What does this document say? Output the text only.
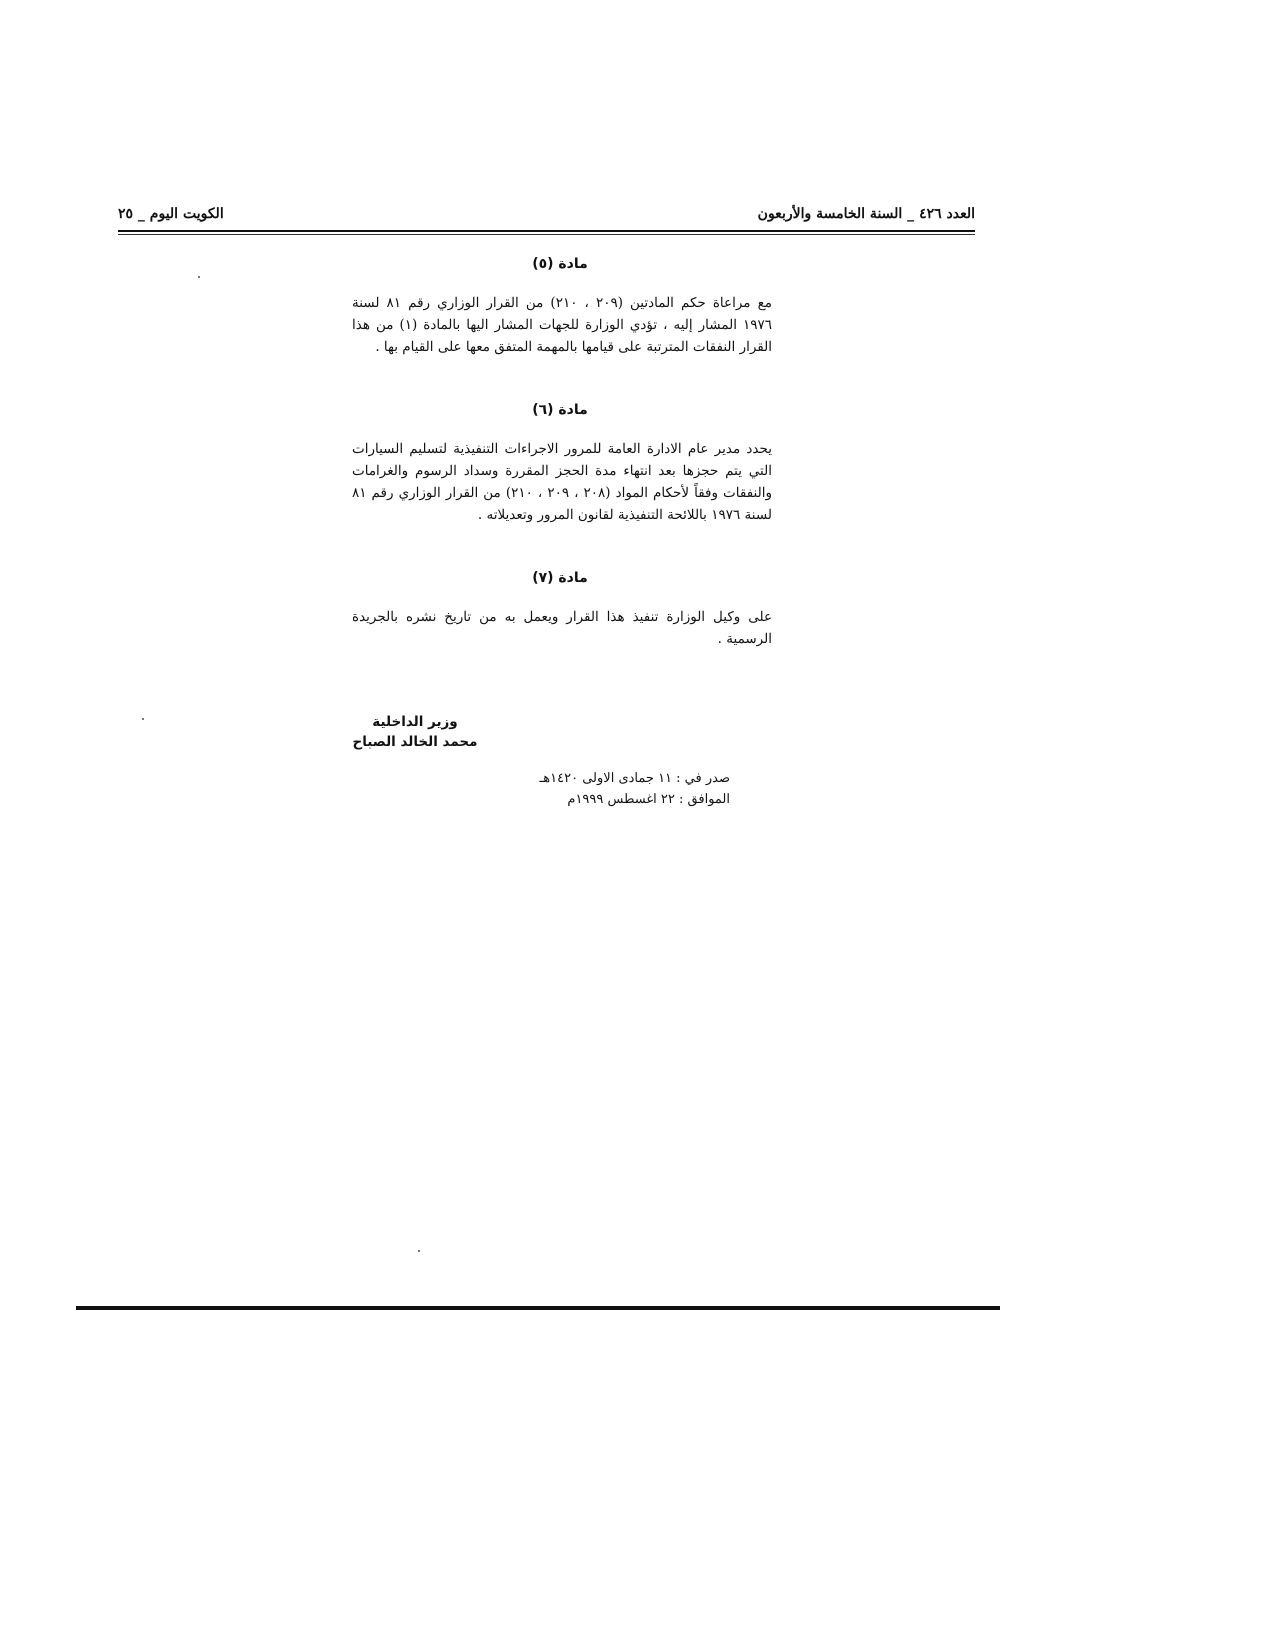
العدد ٤٢٦ _ السنة الخامسة والأربعون
الكويت اليوم _ ٢٥
مادة (٥)
مع مراعاة حكم المادتين (٢٠٩ ، ٢١٠) من القرار الوزاري رقم ٨١ لسنة ١٩٧٦ المشار إليه ، تؤدي الوزارة للجهات المشار اليها بالمادة (١) من هذا القرار النفقات المترتبة على قيامها بالمهمة المتفق معها على القيام بها .
مادة (٦)
يحدد مدير عام الادارة العامة للمرور الاجراءات التنفيذية لتسليم السيارات التي يتم حجزها بعد انتهاء مدة الحجز المقررة وسداد الرسوم والغرامات والنفقات وفقاً لأحكام المواد (٢٠٨ ، ٢٠٩ ، ٢١٠) من القرار الوزاري رقم ٨١ لسنة ١٩٧٦ باللائحة التنفيذية لقانون المرور وتعديلاته .
مادة (٧)
على وكيل الوزارة تنفيذ هذا القرار ويعمل به من تاريخ نشره بالجريدة الرسمية .
وزير الداخلية
محمد الخالد الصباح
صدر في : ١١ جمادى الاولى ١٤٢٠هـ
الموافق : ٢٢ اغسطس ١٩٩٩م
